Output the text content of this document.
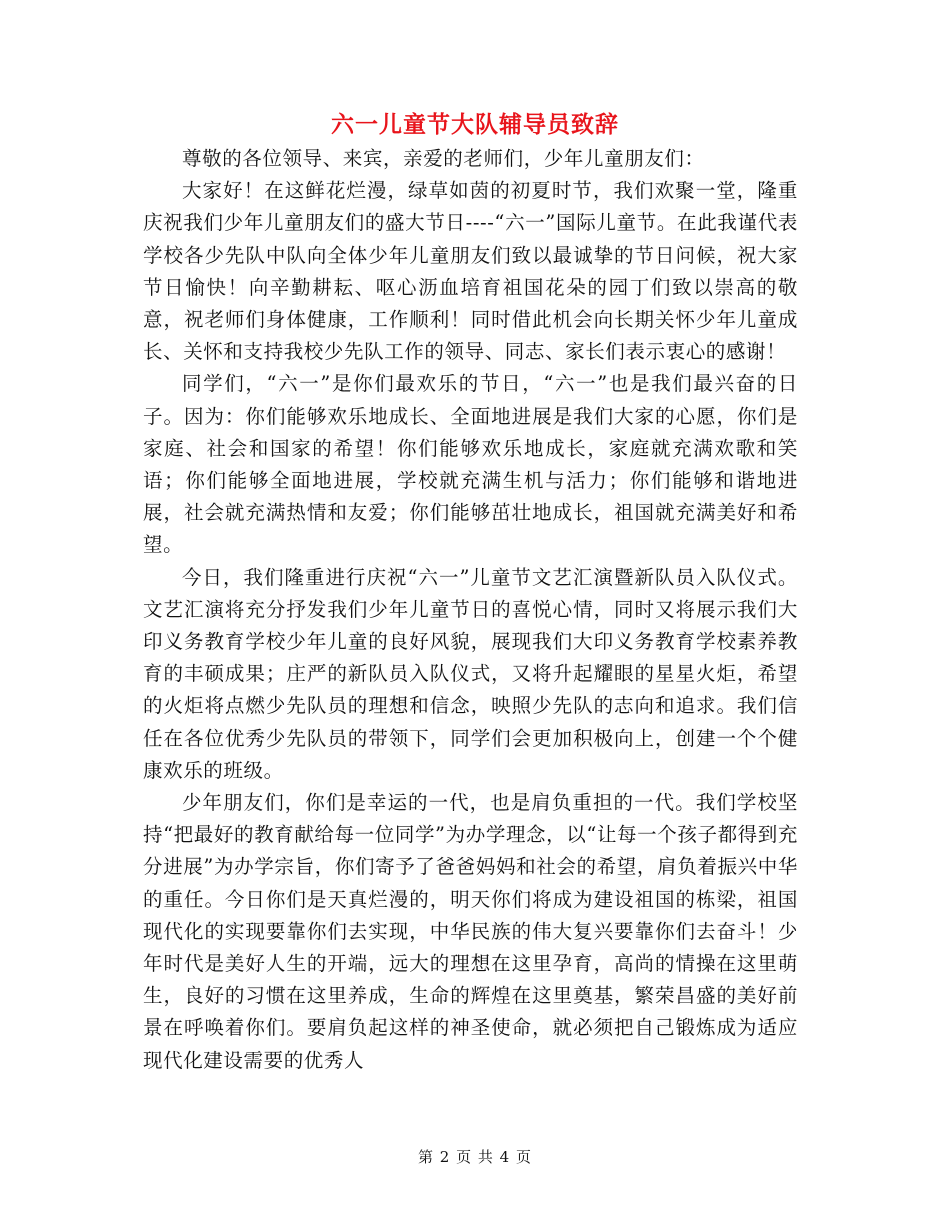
六一儿童节大队辅导员致辞

尊敬的各位领导、来宾，亲爱的老师们，少年儿童朋友们：

大家好！在这鲜花烂漫，绿草如茵的初夏时节，我们欢聚一堂，隆重庆祝我们少年儿童朋友们的盛大节日----“六一”国际儿童节。在此我谨代表学校各少先队中队向全体少年儿童朋友们致以最诚挚的节日问候，祝大家节日愉快！向辛勤耕耘、呕心沥血培育祖国花朵的园丁们致以崇高的敬意，祝老师们身体健康，工作顺利！同时借此机会向长期关怀少年儿童成长、关怀和支持我校少先队工作的领导、同志、家长们表示衷心的感谢！

同学们，“六一”是你们最欢乐的节日，“六一”也是我们最兴奋的日子。因为：你们能够欢乐地成长、全面地进展是我们大家的心愿，你们是家庭、社会和国家的希望！你们能够欢乐地成长，家庭就充满欢歌和笑语；你们能够全面地进展，学校就充满生机与活力；你们能够和谐地进展，社会就充满热情和友爱；你们能够茁壮地成长，祖国就充满美好和希望。

今日，我们隆重进行庆祝“六一”儿童节文艺汇演暨新队员入队仪式。文艺汇演将充分抒发我们少年儿童节日的喜悦心情，同时又将展示我们大印义务教育学校少年儿童的良好风貌，展现我们大印义务教育学校素养教育的丰硕成果；庄严的新队员入队仪式，又将升起耀眼的星星火炬，希望的火炬将点燃少先队员的理想和信念，映照少先队的志向和追求。我们信任在各位优秀少先队员的带领下，同学们会更加积极向上，创建一个个健康欢乐的班级。

少年朋友们，你们是幸运的一代，也是肩负重担的一代。我们学校坚持“把最好的教育献给每一位同学”为办学理念，以“让每一个孩子都得到充分进展”为办学宗旨，你们寄予了爸爸妈妈和社会的希望，肩负着振兴中华的重任。今日你们是天真烂漫的，明天你们将成为建设祖国的栋梁，祖国现代化的实现要靠你们去实现，中华民族的伟大复兴要靠你们去奋斗！少年时代是美好人生的开端，远大的理想在这里孕育，高尚的情操在这里萌生，良好的习惯在这里养成，生命的辉煌在这里奠基，繁荣昌盛的美好前景在呼唤着你们。要肩负起这样的神圣使命，就必须把自己锻炼成为适应现代化建设需要的优秀人

第 2 页 共 4 页
